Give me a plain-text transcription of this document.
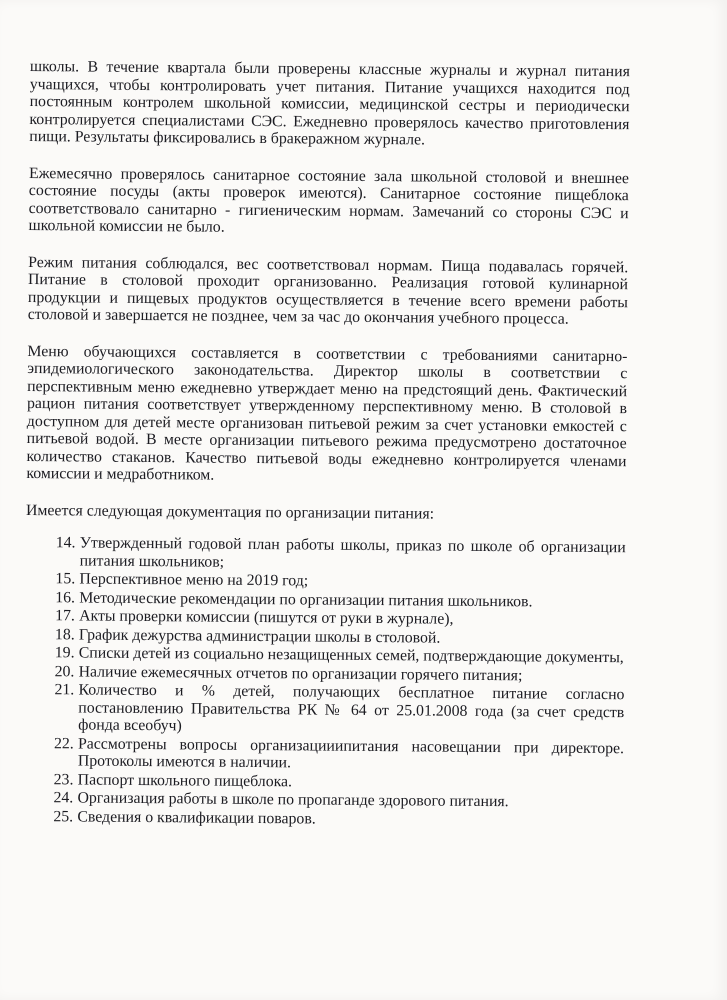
школы. В течение квартала были проверены классные журналы и журнал питания учащихся, чтобы контролировать учет питания. Питание учащихся находится под постоянным контролем школьной комиссии, медицинской сестры и периодически контролируется специалистами СЭС. Ежедневно проверялось качество приготовления пищи. Результаты фиксировались в бракеражном журнале.

Ежемесячно проверялось санитарное состояние зала школьной столовой и внешнее состояние посуды (акты проверок имеются). Санитарное состояние пищеблока соответствовало санитарно - гигиеническим нормам. Замечаний со стороны СЭС и школьной комиссии не было.

Режим питания соблюдался, вес соответствовал нормам. Пища подавалась горячей. Питание в столовой проходит организованно. Реализация готовой кулинарной продукции и пищевых продуктов осуществляется в течение всего времени работы столовой и завершается не позднее, чем за час до окончания учебного процесса.

Меню обучающихся составляется в соответствии с требованиями санитарно-эпидемиологического законодательства. Директор школы в соответствии с перспективным меню ежедневно утверждает меню на предстоящий день. Фактический рацион питания соответствует утвержденному перспективному меню. В столовой в доступном для детей месте организован питьевой режим за счет установки емкостей с питьевой водой. В месте организации питьевого режима предусмотрено достаточное количество стаканов. Качество питьевой воды ежедневно контролируется членами комиссии и медработником.

Имеется следующая документация по организации питания:
14. Утвержденный годовой план работы школы, приказ по школе об организации питания школьников;
15. Перспективное меню на 2019 год;
16. Методические рекомендации по организации питания школьников.
17. Акты проверки комиссии (пишутся от руки в журнале),
18. График дежурства администрации школы в столовой.
19. Списки детей из социально незащищенных семей, подтверждающие документы,
20. Наличие ежемесячных отчетов по организации горячего питания;
21. Количество и % детей, получающих бесплатное питание согласно постановлению Правительства РК № 64 от 25.01.2008 года (за счет средств фонда всеобуч)
22. Рассмотрены вопросы организацииипитания насовещании при директоре. Протоколы имеются в наличии.
23. Паспорт школьного пищеблока.
24. Организация работы в школе по пропаганде здорового питания.
25. Сведения о квалификации поваров.
